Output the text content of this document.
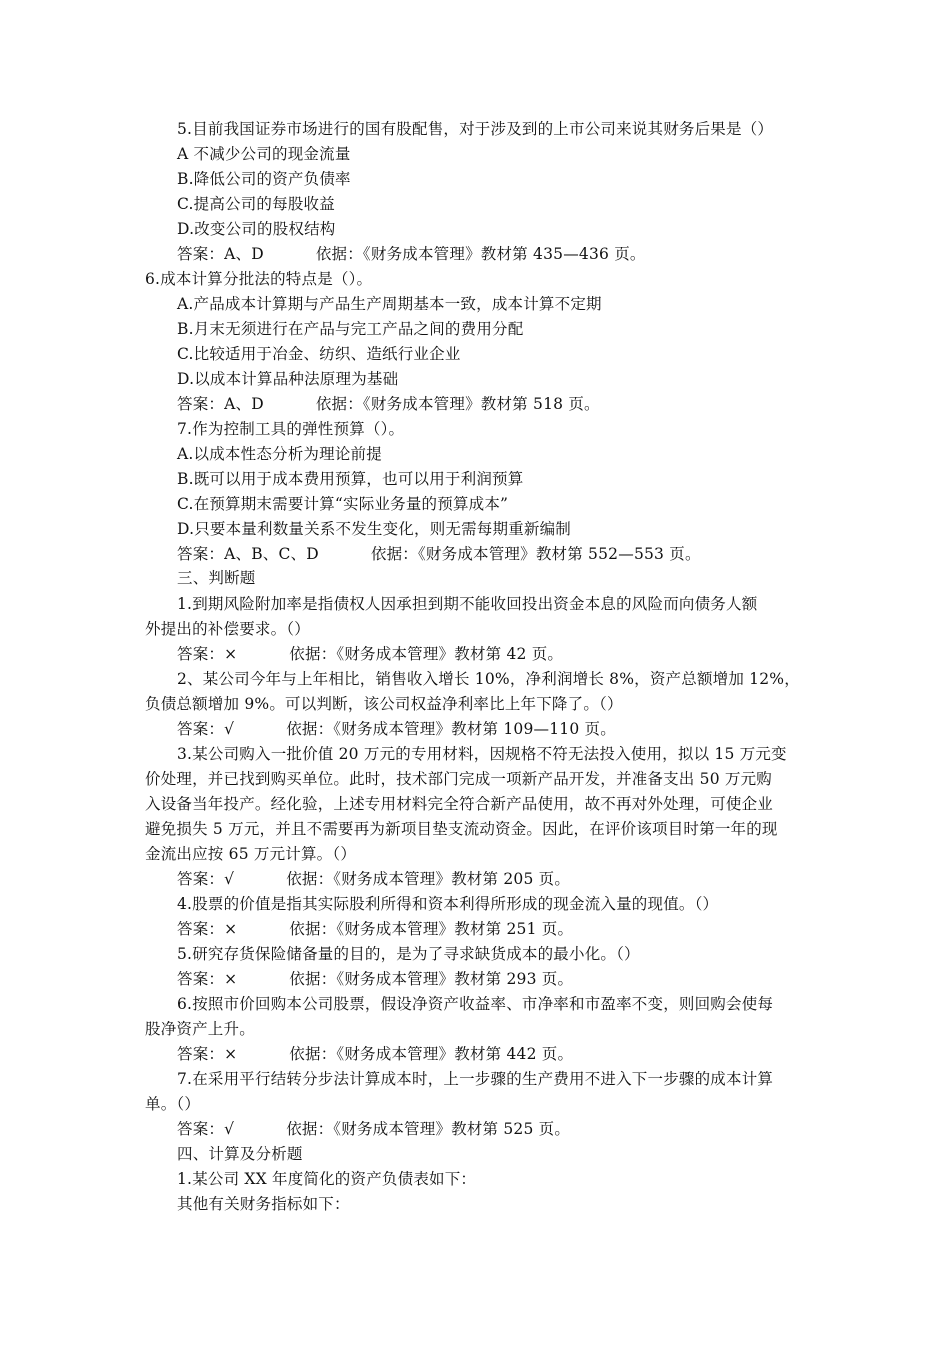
5.目前我国证券市场进行的国有股配售，对于涉及到的上市公司来说其财务后果是（）
A 不减少公司的现金流量
B.降低公司的资产负债率
C.提高公司的每股收益
D.改变公司的股权结构
答案：A、D	依据：《财务成本管理》教材第 435—436 页。
6.成本计算分批法的特点是（）。
A.产品成本计算期与产品生产周期基本一致，成本计算不定期
B.月末无须进行在产品与完工产品之间的费用分配
C.比较适用于冶金、纺织、造纸行业企业
D.以成本计算品种法原理为基础
答案：A、D	依据：《财务成本管理》教材第 518 页。
7.作为控制工具的弹性预算（）。
A.以成本性态分析为理论前提
B.既可以用于成本费用预算，也可以用于利润预算
C.在预算期末需要计算“实际业务量的预算成本”
D.只要本量利数量关系不发生变化，则无需每期重新编制
答案：A、B、C、D	依据：《财务成本管理》教材第 552—553 页。
三、判断题
1.到期风险附加率是指债权人因承担到期不能收回投出资金本息的风险而向债务人额
外提出的补偿要求。（）
答案：×	依据：《财务成本管理》教材第 42 页。
2、某公司今年与上年相比，销售收入增长 10%，净利润增长 8%，资产总额增加 12%，
负债总额增加 9%。可以判断，该公司权益净利率比上年下降了。（）
答案：√	依据：《财务成本管理》教材第 109—110 页。
3.某公司购入一批价值 20 万元的专用材料，因规格不符无法投入使用，拟以 15 万元变
价处理，并已找到购买单位。此时，技术部门完成一项新产品开发，并准备支出 50 万元购
入设备当年投产。经化验，上述专用材料完全符合新产品使用，故不再对外处理，可使企业
避免损失 5 万元，并且不需要再为新项目垫支流动资金。因此，在评价该项目时第一年的现
金流出应按 65 万元计算。（）
答案：√	依据：《财务成本管理》教材第 205 页。
4.股票的价值是指其实际股利所得和资本利得所形成的现金流入量的现值。（）
答案：×	依据：《财务成本管理》教材第 251 页。
5.研究存货保险储备量的目的，是为了寻求缺货成本的最小化。（）
答案：×	依据：《财务成本管理》教材第 293 页。
6.按照市价回购本公司股票，假设净资产收益率、市净率和市盈率不变，则回购会使每
股净资产上升。
答案：×	依据：《财务成本管理》教材第 442 页。
7.在采用平行结转分步法计算成本时，上一步骤的生产费用不进入下一步骤的成本计算
单。（）
答案：√	依据：《财务成本管理》教材第 525 页。
四、计算及分析题
1.某公司 XX 年度简化的资产负债表如下：
其他有关财务指标如下：
